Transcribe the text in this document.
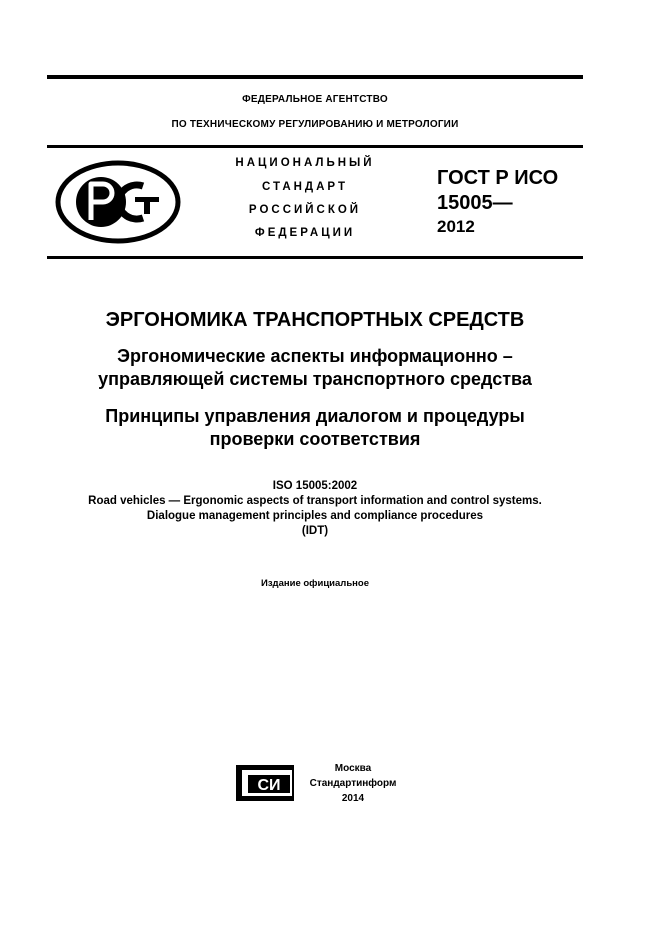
ФЕДЕРАЛЬНОЕ АГЕНТСТВО
ПО ТЕХНИЧЕСКОМУ РЕГУЛИРОВАНИЮ И МЕТРОЛОГИИ
НАЦИОНАЛЬНЫЙ
СТАНДАРТ
РОССИЙСКОЙ
ФЕДЕРАЦИИ
ГОСТ Р ИСО
15005—
2012
ЭРГОНОМИКА ТРАНСПОРТНЫХ СРЕДСТВ
Эргономические аспекты информационно –
управляющей системы транспортного средства
Принципы управления диалогом и процедуры
проверки соответствия
ISO 15005:2002
Road vehicles — Ergonomic aspects of transport information and control systems.
Dialogue management principles and compliance procedures
(IDT)
Издание официальное
СИ
Москва
Стандартинформ
2014
